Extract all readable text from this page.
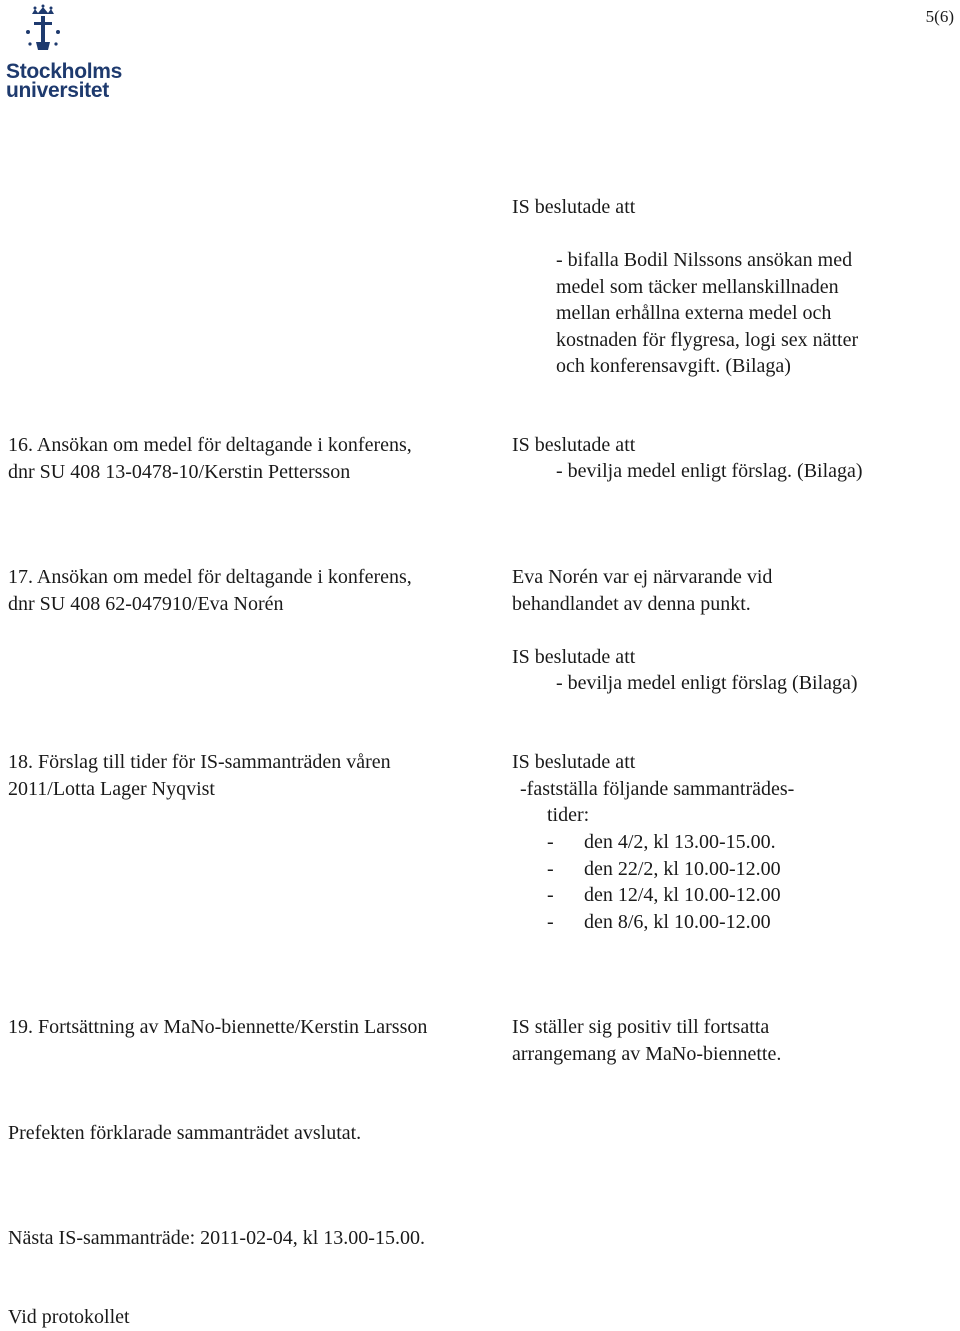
5(6)
Stockholms
universitet
IS beslutade att
- bifalla Bodil Nilssons ansökan med
medel som täcker mellanskillnaden
mellan erhållna externa medel och
kostnaden för flygresa, logi sex nätter
och konferensavgift. (Bilaga)
16. Ansökan om medel för deltagande i konferens,
dnr SU 408 13-0478-10/Kerstin Pettersson
IS beslutade att
- bevilja medel enligt förslag. (Bilaga)
17. Ansökan om medel för deltagande i konferens,
dnr SU 408 62-047910/Eva Norén
Eva Norén var ej närvarande vid
behandlandet av denna punkt.
IS beslutade att
- bevilja medel enligt förslag (Bilaga)
18. Förslag till tider för IS-sammanträden våren
2011/Lotta Lager Nyqvist
IS beslutade att
-fastställa följande sammanträdes-
tider:
- den 4/2, kl 13.00-15.00.
- den 22/2, kl 10.00-12.00
- den 12/4, kl 10.00-12.00
- den 8/6, kl 10.00-12.00
19. Fortsättning av MaNo-biennette/Kerstin Larsson	IS ställer sig positiv till fortsatta
arrangemang av MaNo-biennette.
Prefekten förklarade sammanträdet avslutat.
Nästa IS-sammanträde: 2011-02-04, kl 13.00-15.00.
Vid protokollet
